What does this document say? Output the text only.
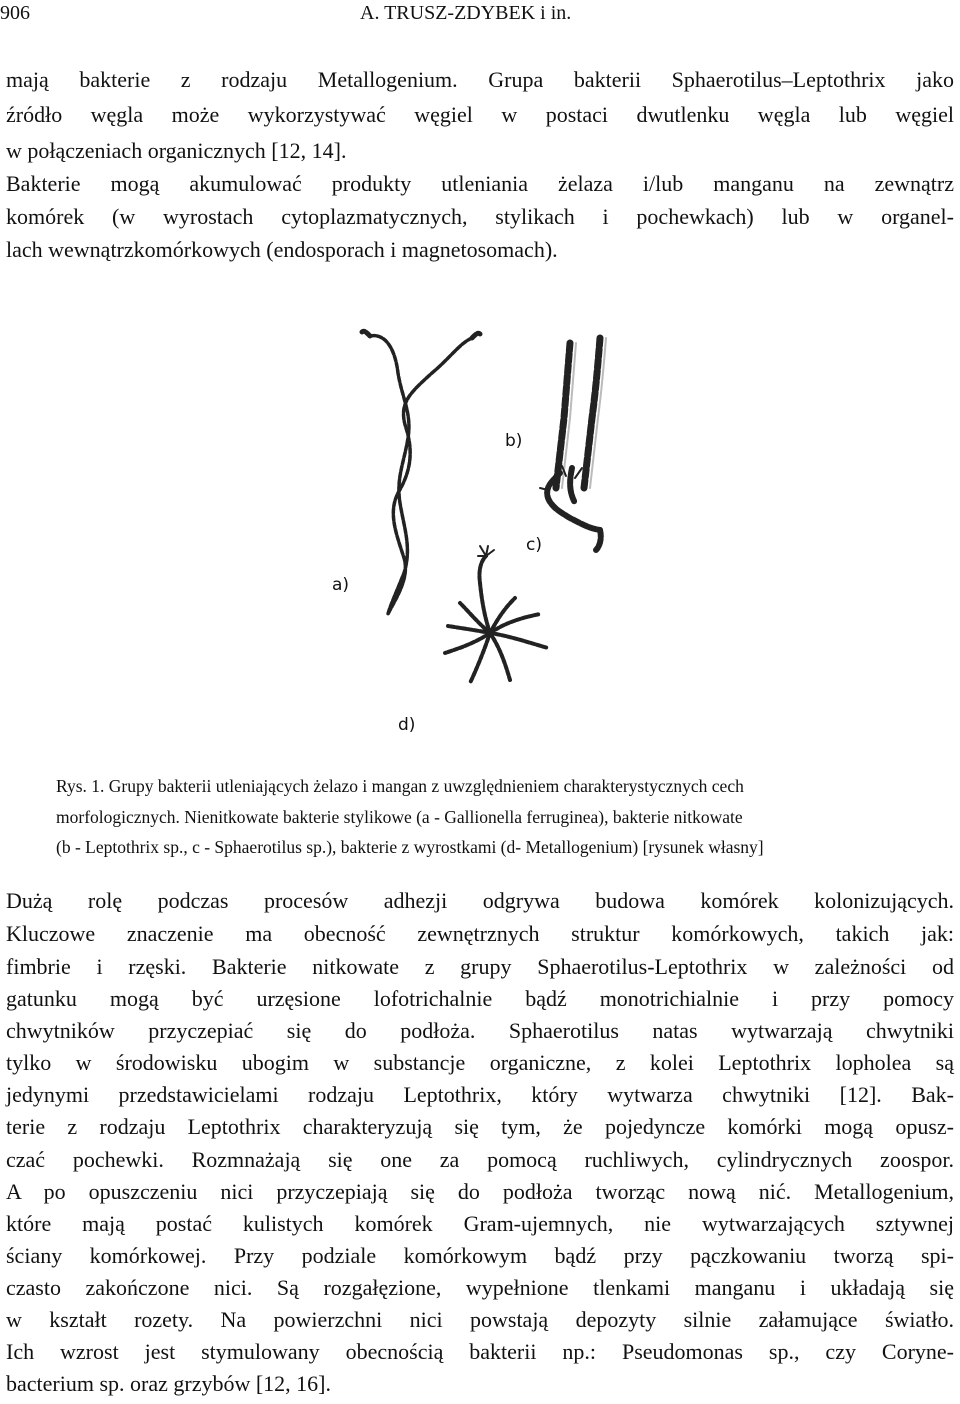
906	A. TRUSZ-ZDYBEK i in.
mają bakterie z rodzaju Metallogenium. Grupa bakterii Sphaerotilus–Leptothrix jako
źródło węgla może wykorzystywać węgiel w postaci dwutlenku węgla lub węgiel
w połączeniach organicznych [12, 14].
Bakterie mogą akumulować produkty utleniania żelaza i/lub manganu na zewnątrz
komórek (w wyrostach cytoplazmatycznych, stylikach i pochewkach) lub w organel-
lach wewnątrzkomórkowych (endosporach i magnetosomach).
b)
c)
a)
d)
Rys. 1. Grupy bakterii utleniających żelazo i mangan z uwzględnieniem charakterystycznych cech
morfologicznych. Nienitkowate bakterie stylikowe (a - Gallionella ferruginea), bakterie nitkowate
(b - Leptothrix sp., c - Sphaerotilus sp.), bakterie z wyrostkami (d- Metallogenium) [rysunek własny]
Dużą rolę podczas procesów adhezji odgrywa budowa komórek kolonizujących.
Kluczowe znaczenie ma obecność zewnętrznych struktur komórkowych, takich jak:
fimbrie i rzęski. Bakterie nitkowate z grupy Sphaerotilus-Leptothrix w zależności od
gatunku mogą być urzęsione lofotrichalnie bądź monotrichialnie i przy pomocy
chwytników przyczepiać się do podłoża. Sphaerotilus natas wytwarzają chwytniki
tylko w środowisku ubogim w substancje organiczne, z kolei Leptothrix lopholea są
jedynymi przedstawicielami rodzaju Leptothrix, który wytwarza chwytniki [12]. Bak-
terie z rodzaju Leptothrix charakteryzują się tym, że pojedyncze komórki mogą opusz-
czać pochewki. Rozmnażają się one za pomocą ruchliwych, cylindrycznych zoospor.
A po opuszczeniu nici przyczepiają się do podłoża tworząc nową nić. Metallogenium,
które mają postać kulistych komórek Gram-ujemnych, nie wytwarzających sztywnej
ściany komórkowej. Przy podziale komórkowym bądź przy pączkowaniu tworzą spi-
czasto zakończone nici. Są rozgałęzione, wypełnione tlenkami manganu i układają się
w kształt rozety. Na powierzchni nici powstają depozyty silnie załamujące światło.
Ich wzrost jest stymulowany obecnością bakterii np.: Pseudomonas sp., czy Coryne-
bacterium sp. oraz grzybów [12, 16].
